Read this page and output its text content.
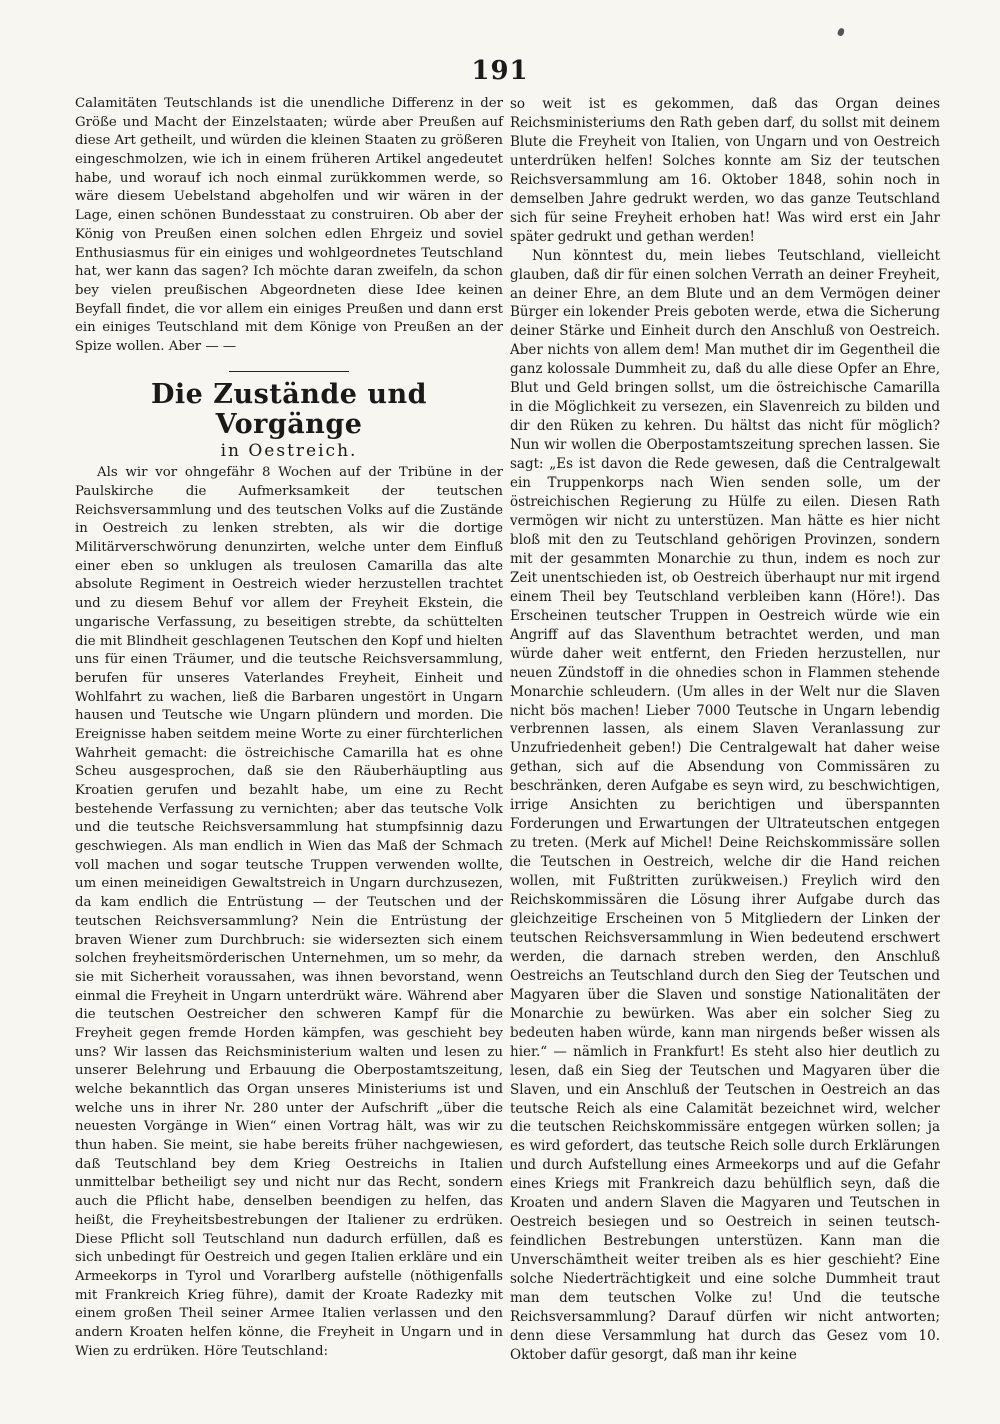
191

Calamitäten Teutschlands ist die unendliche Differenz in der Größe und Macht der Einzelstaaten; würde aber Preußen auf diese Art getheilt, und würden die kleinen Staaten zu größeren eingeschmolzen, wie ich in einem früheren Artikel angedeutet habe, und worauf ich noch einmal zurükkommen werde, so wäre diesem Uebelstand abgeholfen und wir wären in der Lage, einen schönen Bundesstaat zu construiren. Ob aber der König von Preußen einen solchen edlen Ehrgeiz und soviel Enthusiasmus für ein einiges und wohlgeordnetes Teutschland hat, wer kann das sagen? Ich möchte daran zweifeln, da schon bey vielen preußischen Abgeordneten diese Idee keinen Beyfall findet, die vor allem ein einiges Preußen und dann erst ein einiges Teutschland mit dem Könige von Preußen an der Spize wollen. Aber — —

Die Zustände und Vorgänge
in Oestreich.

Als wir vor ohngefähr 8 Wochen auf der Tribüne in der Paulskirche die Aufmerksamkeit der teutschen Reichsversammlung und des teutschen Volks auf die Zustände in Oestreich zu lenken strebten, als wir die dortige Militärverschwörung denunzirten, welche unter dem Einfluß einer eben so unklugen als treulosen Camarilla das alte absolute Regiment in Oestreich wieder herzustellen trachtet und zu diesem Behuf vor allem der Freyheit Ekstein, die ungarische Verfassung, zu beseitigen strebte, da schüttelten die mit Blindheit geschlagenen Teutschen den Kopf und hielten uns für einen Träumer, und die teutsche Reichsversammlung, berufen für unseres Vaterlandes Freyheit, Einheit und Wohlfahrt zu wachen, ließ die Barbaren ungestört in Ungarn hausen und Teutsche wie Ungarn plündern und morden. Die Ereignisse haben seitdem meine Worte zu einer fürchterlichen Wahrheit gemacht: die östreichische Camarilla hat es ohne Scheu ausgesprochen, daß sie den Räuberhäuptling aus Kroatien gerufen und bezahlt habe, um eine zu Recht bestehende Verfassung zu vernichten; aber das teutsche Volk und die teutsche Reichsversammlung hat stumpfsinnig dazu geschwiegen. Als man endlich in Wien das Maß der Schmach voll machen und sogar teutsche Truppen verwenden wollte, um einen meineidigen Gewaltstreich in Ungarn durchzusezen, da kam endlich die Entrüstung — der Teutschen und der teutschen Reichsversammlung? Nein die Entrüstung der braven Wiener zum Durchbruch: sie widersezten sich einem solchen freyheitsmörderischen Unternehmen, um so mehr, da sie mit Sicherheit voraussahen, was ihnen bevorstand, wenn einmal die Freyheit in Ungarn unterdrükt wäre. Während aber die teutschen Oestreicher den schweren Kampf für die Freyheit gegen fremde Horden kämpfen, was geschieht bey uns? Wir lassen das Reichsministerium walten und lesen zu unserer Belehrung und Erbauung die Oberpostamtszeitung, welche bekanntlich das Organ unseres Ministeriums ist und welche uns in ihrer Nr. 280 unter der Aufschrift „über die neuesten Vorgänge in Wien“ einen Vortrag hält, was wir zu thun haben. Sie meint, sie habe bereits früher nachgewiesen, daß Teutschland bey dem Krieg Oestreichs in Italien unmittelbar betheiligt sey und nicht nur das Recht, sondern auch die Pflicht habe, denselben beendigen zu helfen, das heißt, die Freyheitsbestrebungen der Italiener zu erdrüken. Diese Pflicht soll Teutschland nun dadurch erfüllen, daß es sich unbedingt für Oestreich und gegen Italien erkläre und ein Armeekorps in Tyrol und Vorarlberg aufstelle (nöthigenfalls mit Frankreich Krieg führe), damit der Kroate Radezky mit einem großen Theil seiner Armee Italien verlassen und den andern Kroaten helfen könne, die Freyheit in Ungarn und in Wien zu erdrüken. Höre Teutschland:

so weit ist es gekommen, daß das Organ deines Reichsministeriums den Rath geben darf, du sollst mit deinem Blute die Freyheit von Italien, von Ungarn und von Oestreich unterdrüken helfen! Solches konnte am Siz der teutschen Reichsversammlung am 16. Oktober 1848, sohin noch in demselben Jahre gedrukt werden, wo das ganze Teutschland sich für seine Freyheit erhoben hat! Was wird erst ein Jahr später gedrukt und gethan werden!

Nun könntest du, mein liebes Teutschland, vielleicht glauben, daß dir für einen solchen Verrath an deiner Freyheit, an deiner Ehre, an dem Blute und an dem Vermögen deiner Bürger ein lokender Preis geboten werde, etwa die Sicherung deiner Stärke und Einheit durch den Anschluß von Oestreich. Aber nichts von allem dem! Man muthet dir im Gegentheil die ganz kolossale Dummheit zu, daß du alle diese Opfer an Ehre, Blut und Geld bringen sollst, um die östreichische Camarilla in die Möglichkeit zu versezen, ein Slavenreich zu bilden und dir den Rüken zu kehren. Du hältst das nicht für möglich? Nun wir wollen die Oberpostamtszeitung sprechen lassen. Sie sagt: „Es ist davon die Rede gewesen, daß die Centralgewalt ein Truppenkorps nach Wien senden solle, um der östreichischen Regierung zu Hülfe zu eilen. Diesen Rath vermögen wir nicht zu unterstüzen. Man hätte es hier nicht bloß mit den zu Teutschland gehörigen Provinzen, sondern mit der gesammten Monarchie zu thun, indem es noch zur Zeit unentschieden ist, ob Oestreich überhaupt nur mit irgend einem Theil bey Teutschland verbleiben kann (Höre!). Das Erscheinen teutscher Truppen in Oestreich würde wie ein Angriff auf das Slaventhum betrachtet werden, und man würde daher weit entfernt, den Frieden herzustellen, nur neuen Zündstoff in die ohnedies schon in Flammen stehende Monarchie schleudern. (Um alles in der Welt nur die Slaven nicht bös machen! Lieber 7000 Teutsche in Ungarn lebendig verbrennen lassen, als einem Slaven Veranlassung zur Unzufriedenheit geben!) Die Centralgewalt hat daher weise gethan, sich auf die Absendung von Commissären zu beschränken, deren Aufgabe es seyn wird, zu beschwichtigen, irrige Ansichten zu berichtigen und überspannten Forderungen und Erwartungen der Ultrateutschen entgegen zu treten. (Merk auf Michel! Deine Reichskommissäre sollen die Teutschen in Oestreich, welche dir die Hand reichen wollen, mit Fußtritten zurükweisen.) Freylich wird den Reichskommissären die Lösung ihrer Aufgabe durch das gleichzeitige Erscheinen von 5 Mitgliedern der Linken der teutschen Reichsversammlung in Wien bedeutend erschwert werden, die darnach streben werden, den Anschluß Oestreichs an Teutschland durch den Sieg der Teutschen und Magyaren über die Slaven und sonstige Nationalitäten der Monarchie zu bewürken. Was aber ein solcher Sieg zu bedeuten haben würde, kann man nirgends beßer wissen als hier.“ — nämlich in Frankfurt! Es steht also hier deutlich zu lesen, daß ein Sieg der Teutschen und Magyaren über die Slaven, und ein Anschluß der Teutschen in Oestreich an das teutsche Reich als eine Calamität bezeichnet wird, welcher die teutschen Reichskommissäre entgegen würken sollen; ja es wird gefordert, das teutsche Reich solle durch Erklärungen und durch Aufstellung eines Armeekorps und auf die Gefahr eines Kriegs mit Frankreich dazu behülflich seyn, daß die Kroaten und andern Slaven die Magyaren und Teutschen in Oestreich besiegen und so Oestreich in seinen teutsch-feindlichen Bestrebungen unterstüzen. Kann man die Unverschämtheit weiter treiben als es hier geschieht? Eine solche Niederträchtigkeit und eine solche Dummheit traut man dem teutschen Volke zu! Und die teutsche Reichsversammlung? Darauf dürfen wir nicht antworten; denn diese Versammlung hat durch das Gesez vom 10. Oktober dafür gesorgt, daß man ihr keine
